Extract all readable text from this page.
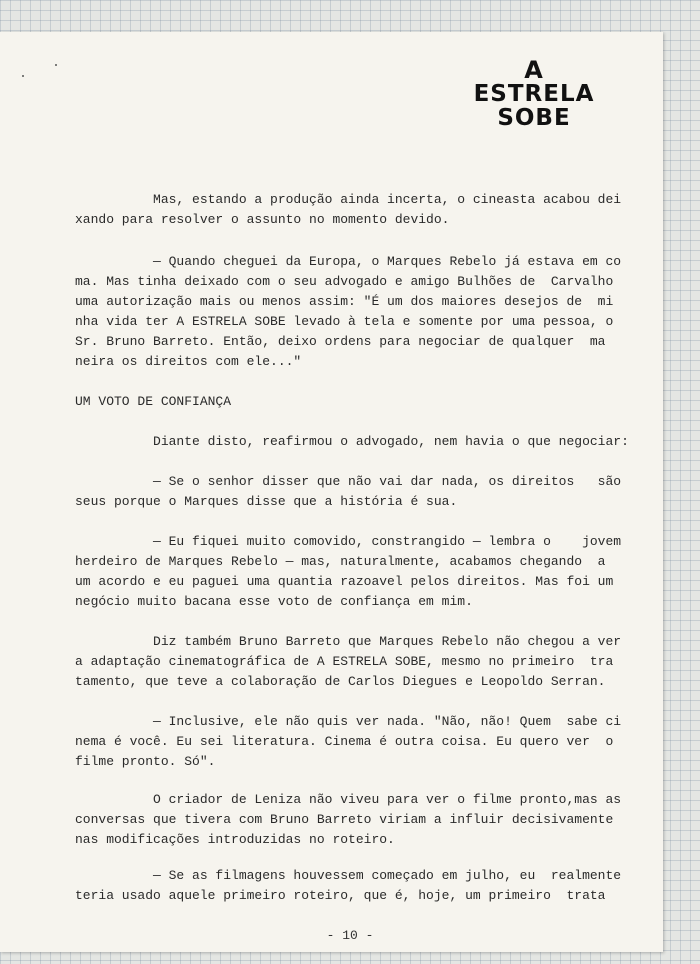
A
ESTRELA
SOBE
Mas, estando a produção ainda incerta, o cineasta acabou dei
xando para resolver o assunto no momento devido.
— Quando cheguei da Europa, o Marques Rebelo já estava em co
ma. Mas tinha deixado com o seu advogado e amigo Bulhões de  Carvalho
uma autorização mais ou menos assim: "É um dos maiores desejos de  mi
nha vida ter A ESTRELA SOBE levado à tela e somente por uma pessoa, o
Sr. Bruno Barreto. Então, deixo ordens para negociar de qualquer  ma
neira os direitos com ele..."
UM VOTO DE CONFIANÇA
Diante disto, reafirmou o advogado, nem havia o que negociar:
— Se o senhor disser que não vai dar nada, os direitos   são
seus porque o Marques disse que a história é sua.
— Eu fiquei muito comovido, constrangido — lembra o    jovem
herdeiro de Marques Rebelo — mas, naturalmente, acabamos chegando  a
um acordo e eu paguei uma quantia razoavel pelos direitos. Mas foi um
negócio muito bacana esse voto de confiança em mim.
Diz também Bruno Barreto que Marques Rebelo não chegou a ver
a adaptação cinematográfica de A ESTRELA SOBE, mesmo no primeiro  tra
tamento, que teve a colaboração de Carlos Diegues e Leopoldo Serran.
— Inclusive, ele não quis ver nada. "Não, não! Quem  sabe ci
nema é você. Eu sei literatura. Cinema é outra coisa. Eu quero ver  o
filme pronto. Só".
O criador de Leniza não viveu para ver o filme pronto,mas as
conversas que tivera com Bruno Barreto viriam a influir decisivamente
nas modificações introduzidas no roteiro.
— Se as filmagens houvessem começado em julho, eu  realmente
teria usado aquele primeiro roteiro, que é, hoje, um primeiro  trata
- 10 -
